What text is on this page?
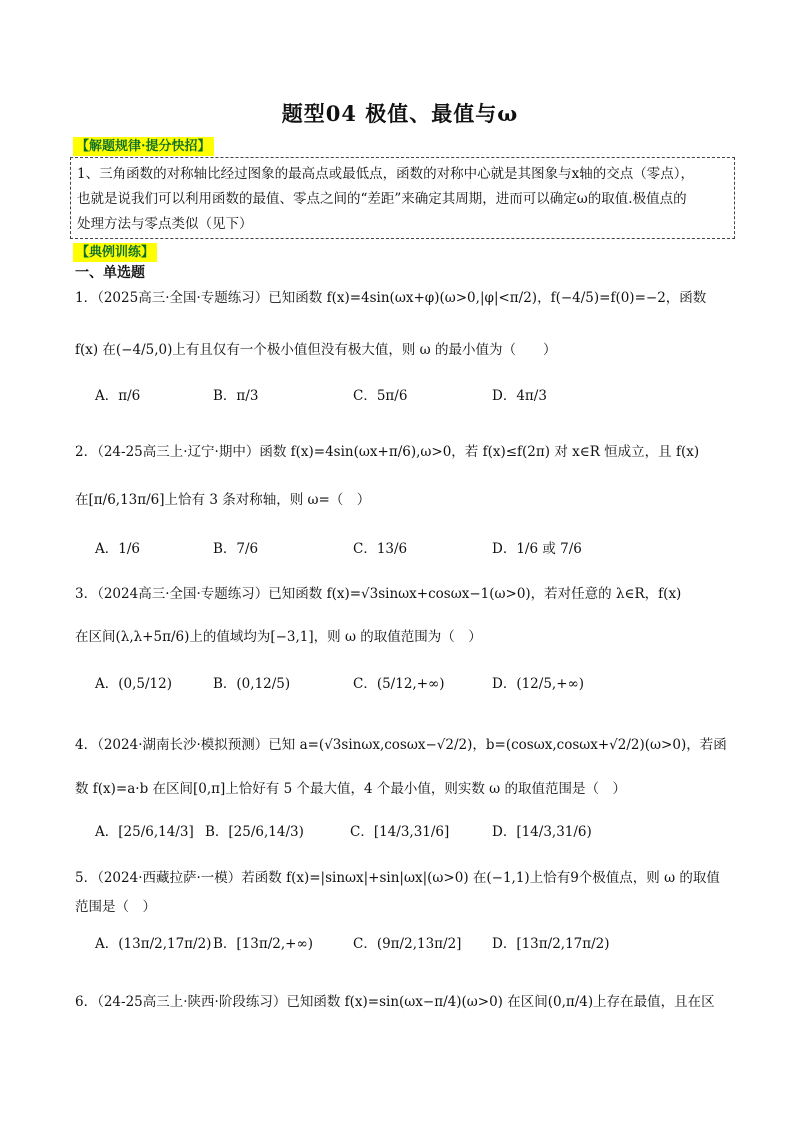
题型04 极值、最值与ω
【解题规律·提分快招】

1、三角函数的对称轴比经过图象的最高点或最低点，函数的对称中心就是其图象与x轴的交点（零点），

也就是说我们可以利用函数的最值、零点之间的“差距”来确定其周期，进而可以确定ω的取值.极值点的

处理方法与零点类似（见下）

【典例训练】
一、单选题
1．（2025高三·全国·专题练习）已知函数 f(x)=4sin(ωx+φ)(ω>0,|φ|<π/2)，f(−4/5)=f(0)=−2，函数
f(x) 在(−4/5,0)上有且仅有一个极小值但没有极大值，则 ω 的最小值为（　　）
A．π/6	B．π/3	C．5π/6	D．4π/3
2．（24-25高三上·辽宁·期中）函数 f(x)=4sin(ωx+π/6),ω>0，若 f(x)≤f(2π) 对 x∈R 恒成立，且 f(x)
在[π/6,13π/6]上恰有 3 条对称轴，则 ω=（　）
A．1/6	B．7/6	C．13/6	D．1/6 或 7/6
3．（2024高三·全国·专题练习）已知函数 f(x)=√3sinωx+cosωx−1(ω>0)，若对任意的 λ∈R，f(x)
在区间(λ,λ+5π/6)上的值域均为[−3,1]，则 ω 的取值范围为（　）
A．(0,5/12)	B．(0,12/5)	C．(5/12,+∞)	D．(12/5,+∞)
4．（2024·湖南长沙·模拟预测）已知 a=(√3sinωx,cosωx−√2/2)，b=(cosωx,cosωx+√2/2)(ω>0)，若函
数 f(x)=a·b 在区间[0,π]上恰好有 5 个最大值，4 个最小值，则实数 ω 的取值范围是（　）
A．[25/6,14/3] B．[25/6,14/3)	C．[14/3,31/6]	D．[14/3,31/6)
5．（2024·西藏拉萨·一模）若函数 f(x)=|sinωx|+sin|ωx|(ω>0) 在(−1,1)上恰有9个极值点，则 ω 的取值
范围是（　）
A．(13π/2,17π/2) B．[13π/2,+∞)	C．(9π/2,13π/2] D．[13π/2,17π/2)
6．（24-25高三上·陕西·阶段练习）已知函数 f(x)=sin(ωx−π/4)(ω>0) 在区间(0,π/4)上存在最值，且在区
